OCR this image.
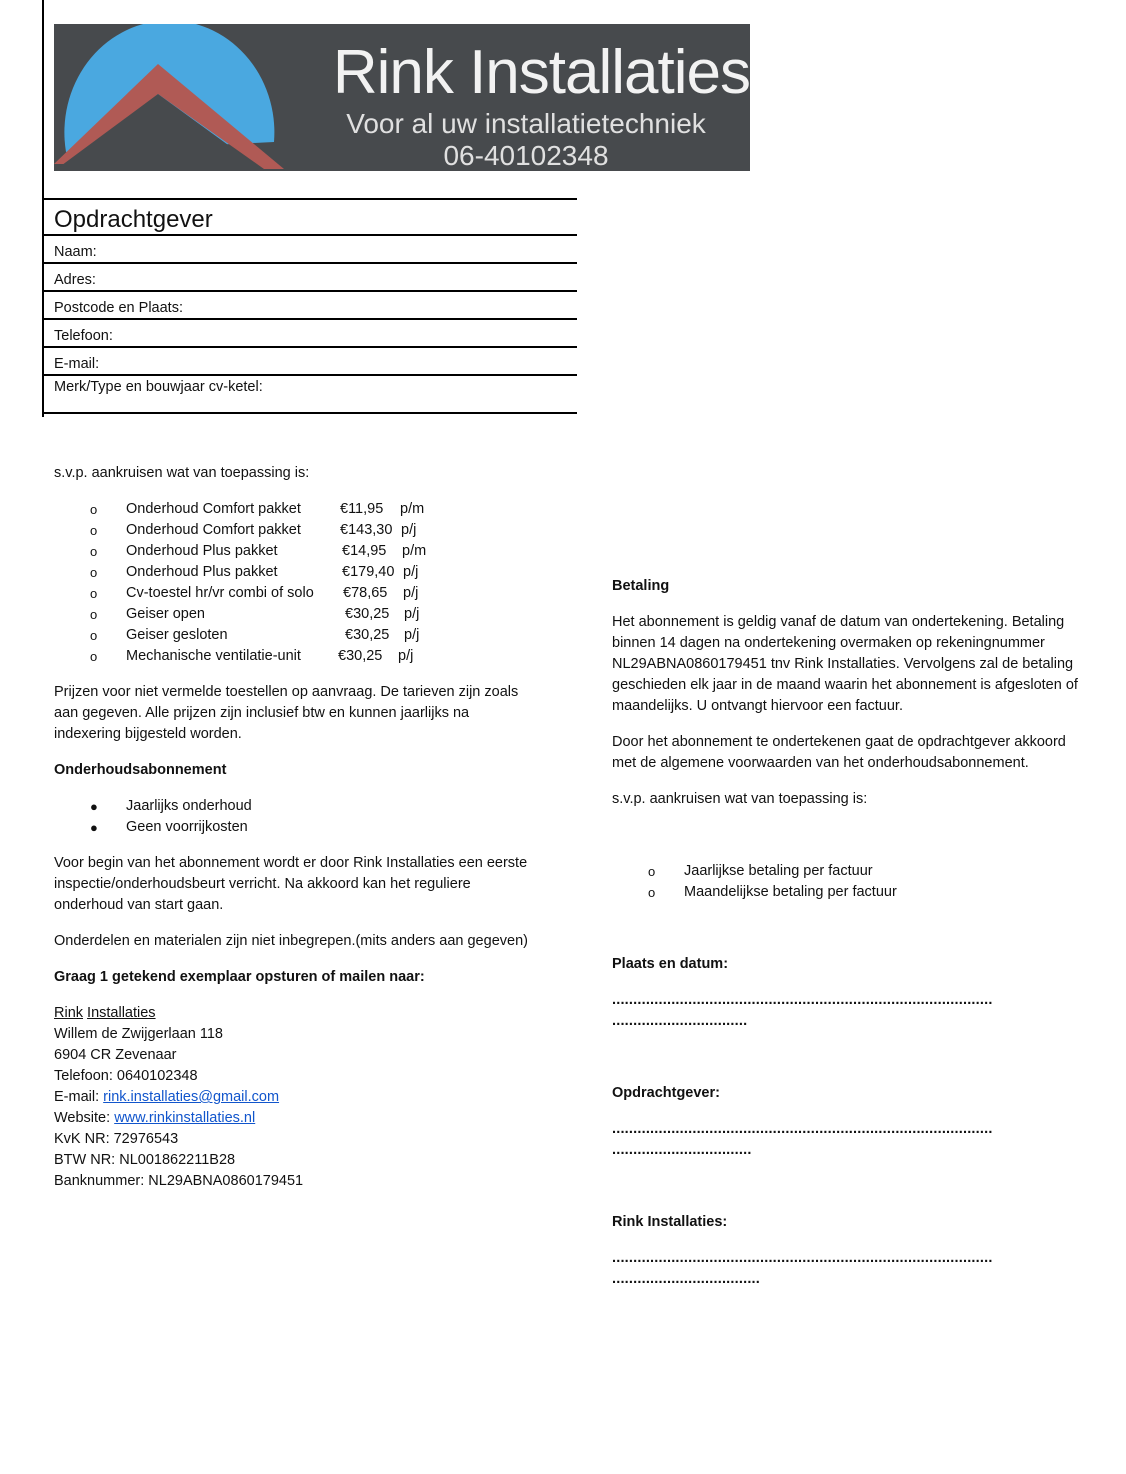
Rink Installaties
Voor al uw installatietechniek
06-40102348
Opdrachtgever
Naam:
Adres:
Postcode en Plaats:
Telefoon:
E-mail:
Merk/Type en bouwjaar cv-ketel:
s.v.p. aankruisen wat van toepassing is:
o Onderhoud Comfort pakket	€11,95 p/m
o Onderhoud Comfort pakket	€143,30 p/j
o Onderhoud Plus pakket	€14,95 p/m
o Onderhoud Plus pakket	€179,40 p/j
o Cv-toestel hr/vr combi of solo €78,65 p/j
o Geiser open	€30,25 p/j
o Geiser gesloten	€30,25 p/j
o Mechanische ventilatie-unit	€30,25 p/j

Prijzen voor niet vermelde toestellen op aanvraag. De tarieven zijn zoals aan gegeven. Alle prijzen zijn inclusief btw en kunnen jaarlijks na indexering bijgesteld worden.

Onderhoudsabonnement
● Jaarlijks onderhoud
● Geen voorrijkosten

Voor begin van het abonnement wordt er door Rink Installaties een eerste inspectie/onderhoudsbeurt verricht. Na akkoord kan het reguliere onderhoud van start gaan.

Onderdelen en materialen zijn niet inbegrepen.(mits anders aan gegeven)
Graag 1 getekend exemplaar opsturen of mailen naar:
Rink Installaties
Willem de Zwijgerlaan 118
6904 CR Zevenaar
Telefoon: 0640102348
E-mail: rink.installaties@gmail.com
Website: www.rinkinstallaties.nl
KvK NR: 72976543
BTW NR: NL001862211B28
Banknummer: NL29ABNA0860179451
Betaling

Het abonnement is geldig vanaf de datum van ondertekening. Betaling binnen 14 dagen na ondertekening overmaken op rekeningnummer NL29ABNA0860179451 tnv Rink Installaties. Vervolgens zal de betaling geschieden elk jaar in de maand waarin het abonnement is afgesloten of maandelijks. U ontvangt hiervoor een factuur.

Door het abonnement te ondertekenen gaat de opdrachtgever akkoord met de algemene voorwaarden van het onderhoudsabonnement.

s.v.p. aankruisen wat van toepassing is:
o Jaarlijkse betaling per factuur
o Maandelijkse betaling per factuur
Plaats en datum:
..........................................................................................
................................
Opdrachtgever:
..........................................................................................
.................................
Rink Installaties:
..........................................................................................
...................................
